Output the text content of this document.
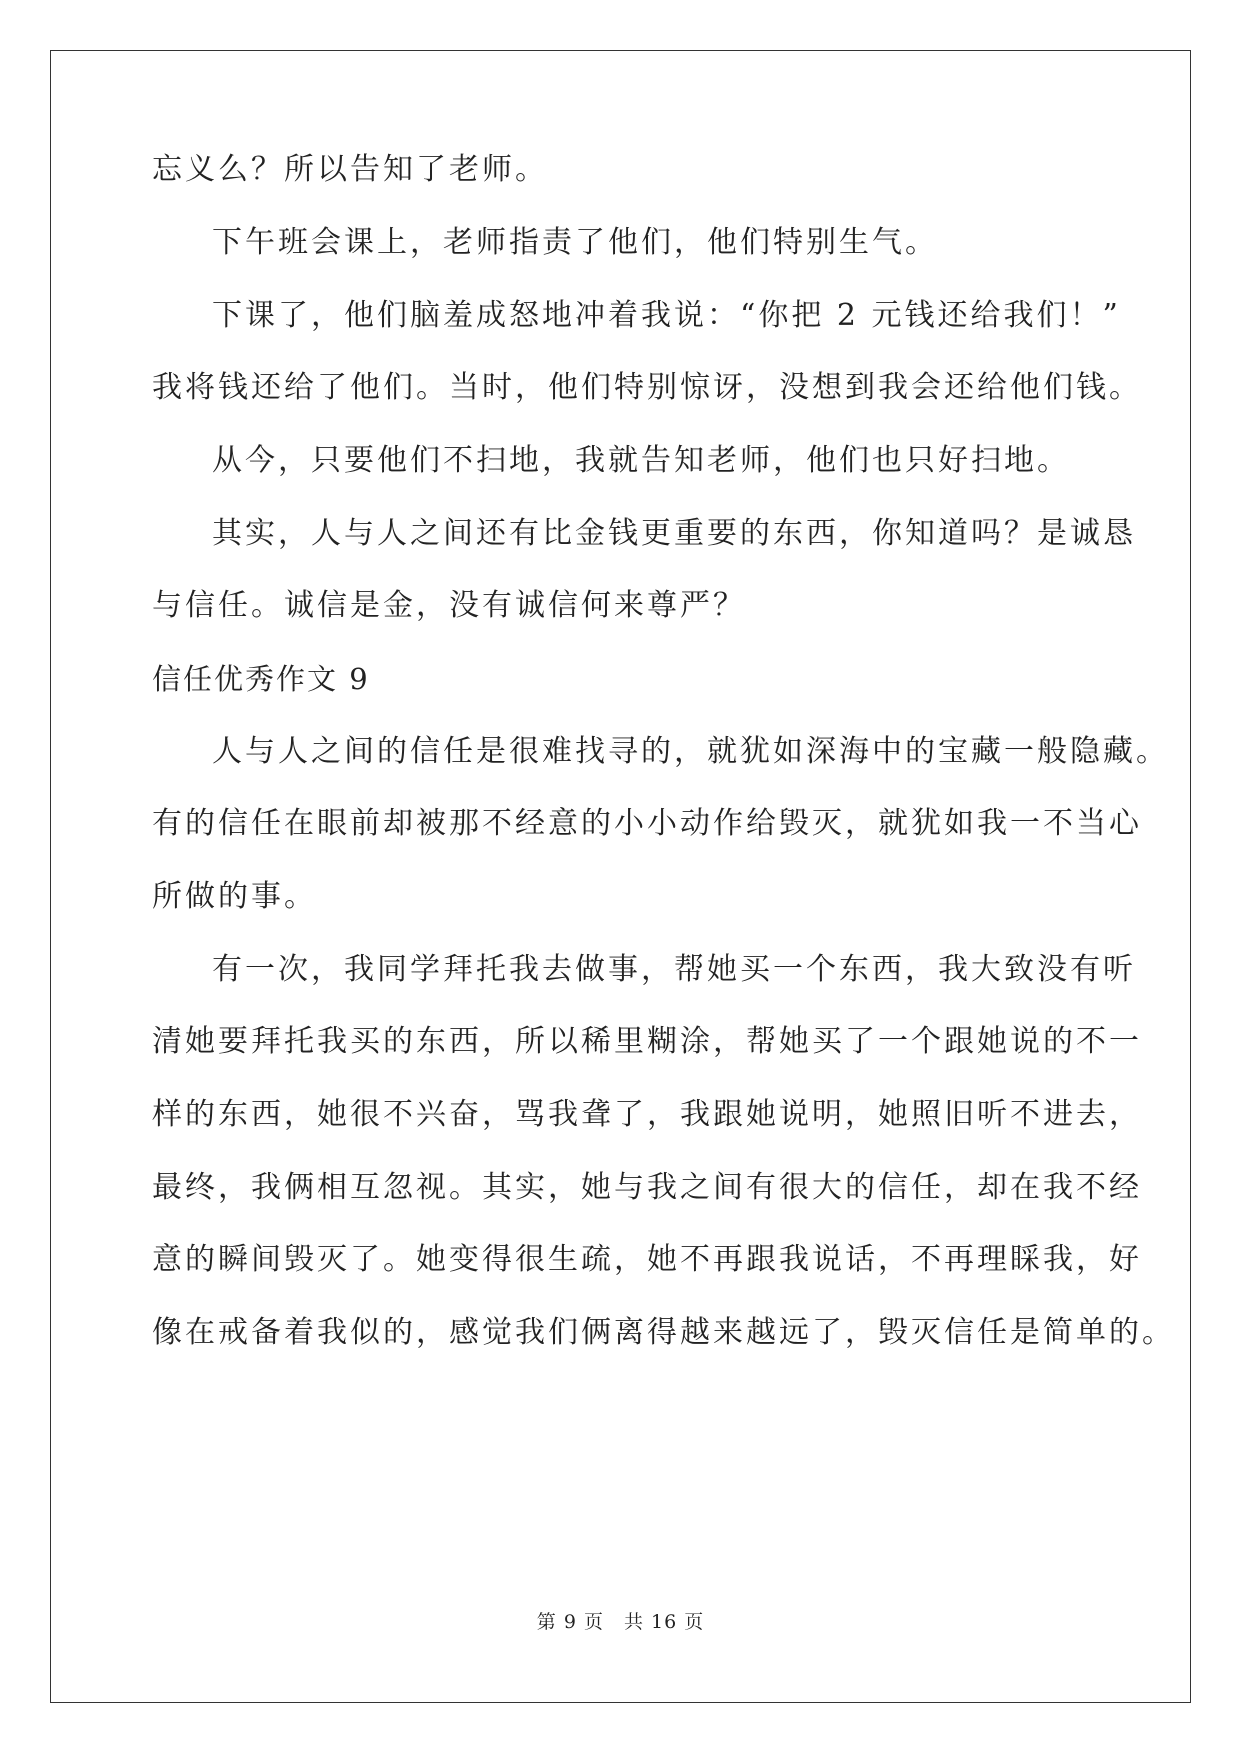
忘义么？所以告知了老师。
下午班会课上，老师指责了他们，他们特别生气。
下课了，他们脑羞成怒地冲着我说：“你把 2 元钱还给我们！”
我将钱还给了他们。当时，他们特别惊讶，没想到我会还给他们钱。
从今，只要他们不扫地，我就告知老师，他们也只好扫地。
其实，人与人之间还有比金钱更重要的东西，你知道吗？是诚恳
与信任。诚信是金，没有诚信何来尊严？
信任优秀作文 9
人与人之间的信任是很难找寻的，就犹如深海中的宝藏一般隐藏。
有的信任在眼前却被那不经意的小小动作给毁灭，就犹如我一不当心
所做的事。
有一次，我同学拜托我去做事，帮她买一个东西，我大致没有听
清她要拜托我买的东西，所以稀里糊涂，帮她买了一个跟她说的不一
样的东西，她很不兴奋，骂我聋了，我跟她说明，她照旧听不进去，
最终，我俩相互忽视。其实，她与我之间有很大的信任，却在我不经
意的瞬间毁灭了。她变得很生疏，她不再跟我说话，不再理睬我，好
像在戒备着我似的，感觉我们俩离得越来越远了，毁灭信任是简单的。
第 9 页　共 16 页
